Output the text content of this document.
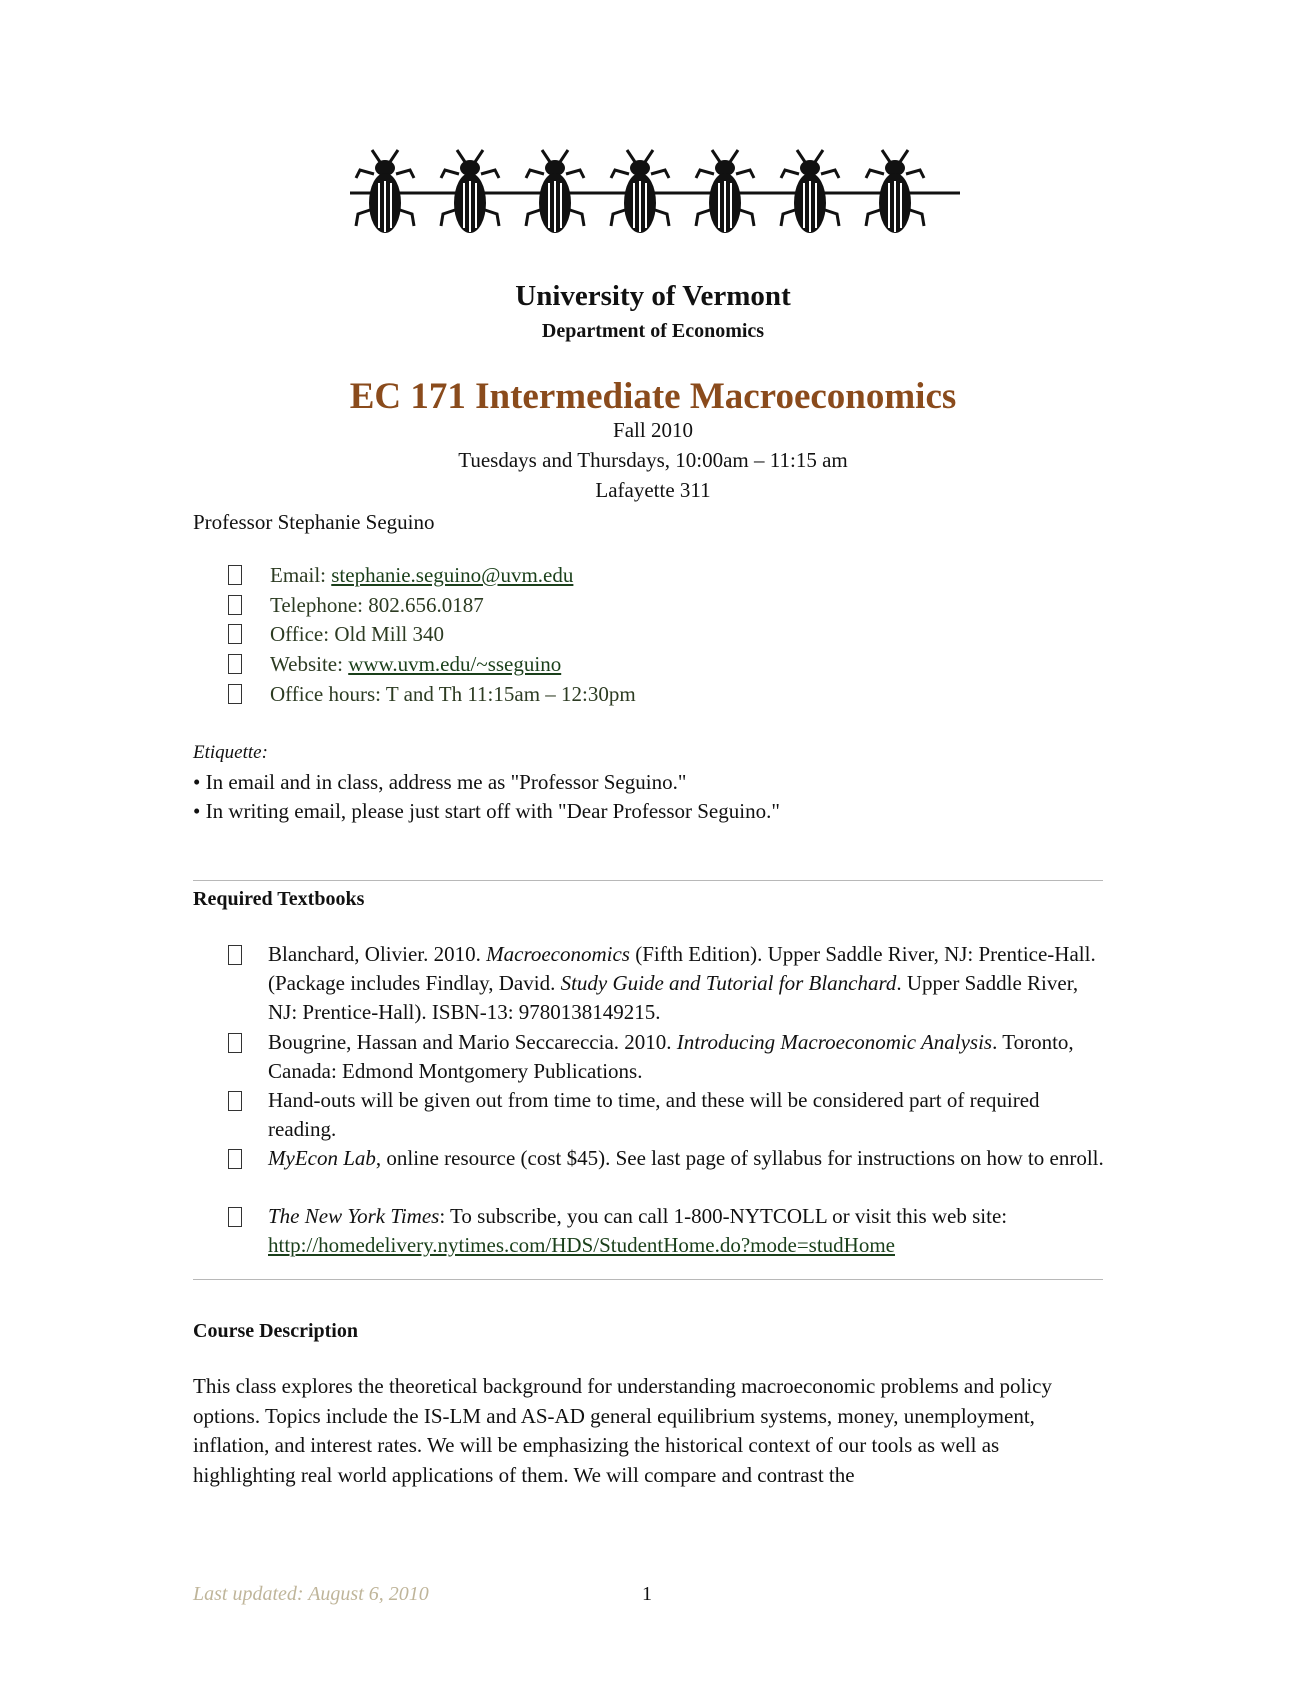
University of Vermont
Department of Economics
EC 171 Intermediate Macroeconomics
Fall 2010
Tuesdays and Thursdays, 10:00am – 11:15 am
Lafayette 311
Professor Stephanie Seguino
Email: stephanie.seguino@uvm.edu
Telephone: 802.656.0187
Office: Old Mill 340
Website: www.uvm.edu/~sseguino
Office hours: T and Th 11:15am – 12:30pm
Etiquette:
• In email and in class, address me as "Professor Seguino."
• In writing email, please just start off with "Dear Professor Seguino."
Required Textbooks
Blanchard, Olivier. 2010. Macroeconomics (Fifth Edition). Upper Saddle River, NJ: Prentice-Hall. (Package includes Findlay, David. Study Guide and Tutorial for Blanchard. Upper Saddle River, NJ: Prentice-Hall). ISBN-13: 9780138149215.
Bougrine, Hassan and Mario Seccareccia. 2010. Introducing Macroeconomic Analysis. Toronto, Canada: Edmond Montgomery Publications.
Hand-outs will be given out from time to time, and these will be considered part of required reading.
MyEcon Lab, online resource (cost $45). See last page of syllabus for instructions on how to enroll.
The New York Times: To subscribe, you can call 1-800-NYTCOLL or visit this web site: http://homedelivery.nytimes.com/HDS/StudentHome.do?mode=studHome
Course Description
This class explores the theoretical background for understanding macroeconomic problems and policy options. Topics include the IS-LM and AS-AD general equilibrium systems, money, unemployment, inflation, and interest rates. We will be emphasizing the historical context of our tools as well as highlighting real world applications of them. We will compare and contrast the
Last updated: August 6, 2010	1
